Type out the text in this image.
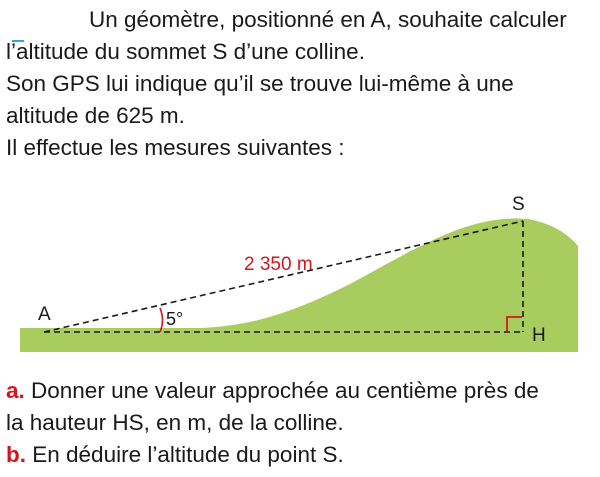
Un géomètre, positionné en A, souhaite calculer
l’altitude du sommet S d’une colline.
Son GPS lui indique qu’il se trouve lui-même à une
altitude de 625 m.
Il effectue les mesures suivantes :
A
S
H
2 350 m
5°
a. Donner une valeur approchée au centième près de
la hauteur HS, en m, de la colline.
b. En déduire l’altitude du point S.
